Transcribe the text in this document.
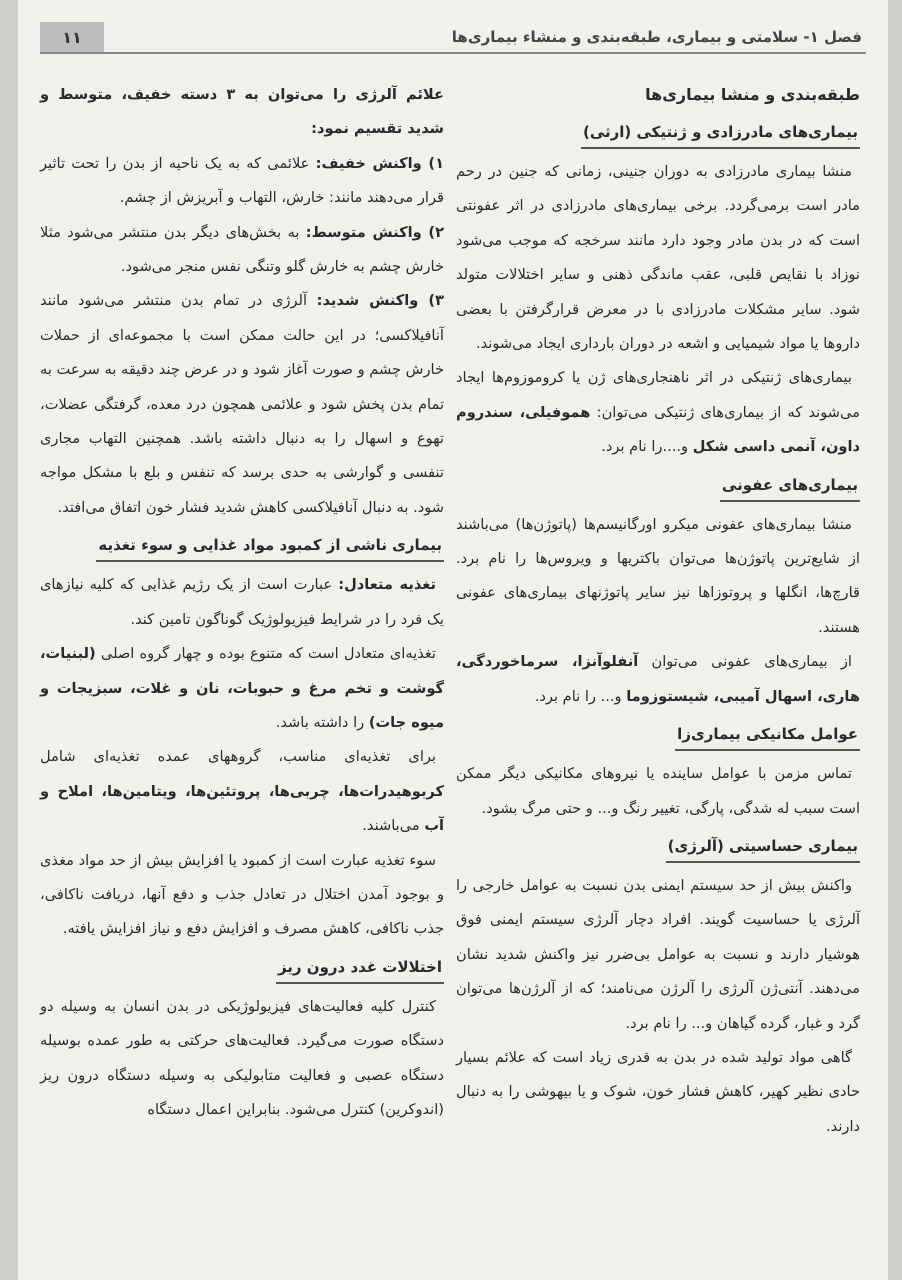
فصل ۱- سلامتی و بیماری، طبقه‌بندی و منشاء بیماری‌ها
۱۱
طبقه‌بندی و منشا بیماری‌ها
بیماری‌های مادرزادی و ژنتیکی (ارثی)

منشا بیماری مادرزادی به دوران جنینی، زمانی که جنین در رحم مادر است برمی‌گردد. برخی بیماری‌های مادرزادی در اثر عفونتی است که در بدن مادر وجود دارد مانند سرخجه که موجب می‌شود نوزاد با نقایص قلبی، عقب ماندگی ذهنی و سایر اختلالات متولد شود. سایر مشکلات مادرزادی با در معرض قرارگرفتن با بعضی داروها یا مواد شیمیایی و اشعه در دوران بارداری ایجاد می‌شوند.

بیماری‌های ژنتیکی در اثر ناهنجاری‌های ژن یا کروموزوم‌ها ایجاد می‌شوند که از بیماری‌های ژنتیکی می‌توان: هموفیلی، سندروم داون، آنمی داسی شکل و....را نام برد.

بیماری‌های عفونی

منشا بیماری‌های عفونی میکرو اورگانیسم‌ها (پاتوژن‌ها) می‌باشند از شایع‌ترین پاتوژن‌ها می‌توان باکتریها و ویروس‌ها را نام برد. قارچ‌ها، انگلها و پروتوزاها نیز سایر پاتوژنهای بیماری‌های عفونی هستند.

از بیماری‌های عفونی می‌توان آنفلوآنزا، سرماخوردگی، هاری، اسهال آمیبی، شیستوزوما و... را نام برد.

عوامل مکانیکی بیماری‌زا

تماس مزمن با عوامل ساینده یا نیروهای مکانیکی دیگر ممکن است سبب له شدگی، پارگی، تغییر رنگ و... و حتی مرگ بشود.

بیماری حساسیتی (آلرژی)

واکنش بیش از حد سیستم ایمنی بدن نسبت به عوامل خارجی را آلرژی یا حساسیت گویند. افراد دچار آلرژی سیستم ایمنی فوق هوشیار دارند و نسبت به عوامل بی‌ضرر نیز واکنش شدید نشان می‌دهند. آنتی‌ژن آلرژی را آلرژن می‌نامند؛ که از آلرژن‌ها می‌توان گرد و غبار، گرده گیاهان و... را نام برد.

گاهی مواد تولید شده در بدن به قدری زیاد است که علائم بسیار حادی نظیر کهیر، کاهش فشار خون، شوک و یا بیهوشی را به دنبال دارند.

علائم آلرژی را می‌توان به ۳ دسته خفیف، متوسط و شدید تقسیم نمود:

۱) واکنش خفیف: علائمی که به یک ناحیه از بدن را تحت تاثیر قرار می‌دهند مانند: خارش، التهاب و آبریزش از چشم.

۲) واکنش متوسط: به بخش‌های دیگر بدن منتشر می‌شود مثلا خارش چشم به خارش گلو وتنگی نفس منجر می‌شود.

۳) واکنش شدید: آلرژی در تمام بدن منتشر می‌شود مانند آنافیلاکسی؛ در این حالت ممکن است با مجموعه‌ای از حملات خارش چشم و صورت آغاز شود و در عرض چند دقیقه به سرعت به تمام بدن پخش شود و علائمی همچون درد معده، گرفتگی عضلات، تهوع و اسهال را به دنبال داشته باشد. همچنین التهاب مجاری تنفسی و گوارشی به حدی برسد که تنفس و بلع با مشکل مواجه شود. به دنبال آنافیلاکسی کاهش شدید فشار خون اتفاق می‌افتد.

بیماری ناشی از کمبود مواد غذایی و سوء تغذیه

تغذیه متعادل: عبارت است از یک رژیم غذایی که کلیه نیازهای یک فرد را در شرایط فیزیولوژیک گوناگون تامین کند.

تغذیه‌ای متعادل است که متنوع بوده و چهار گروه اصلی (لبنیات، گوشت و تخم مرغ و حبوبات، نان و غلات، سبزیجات و میوه جات) را داشته باشد.

برای تغذیه‌ای مناسب، گروههای عمده تغذیه‌ای شامل کربوهیدرات‌ها، چربی‌ها، پروتئین‌ها، ویتامین‌ها، املاح و آب می‌باشند.

سوء تغذیه عبارت است از کمبود یا افزایش بیش از حد مواد مغذی و بوجود آمدن اختلال در تعادل جذب و دفع آنها، دریافت ناکافی، جذب ناکافی، کاهش مصرف و افزایش دفع و نیاز افزایش یافته.

اختلالات غدد درون ریز

کنترل کلیه فعالیت‌های فیزیولوژیکی در بدن انسان به وسیله دو دستگاه صورت می‌گیرد. فعالیت‌های حرکتی به طور عمده بوسیله دستگاه عصبی و فعالیت متابولیکی به وسیله دستگاه درون ریز (اندوکرین) کنترل می‌شود. بنابراین اعمال دستگاه
